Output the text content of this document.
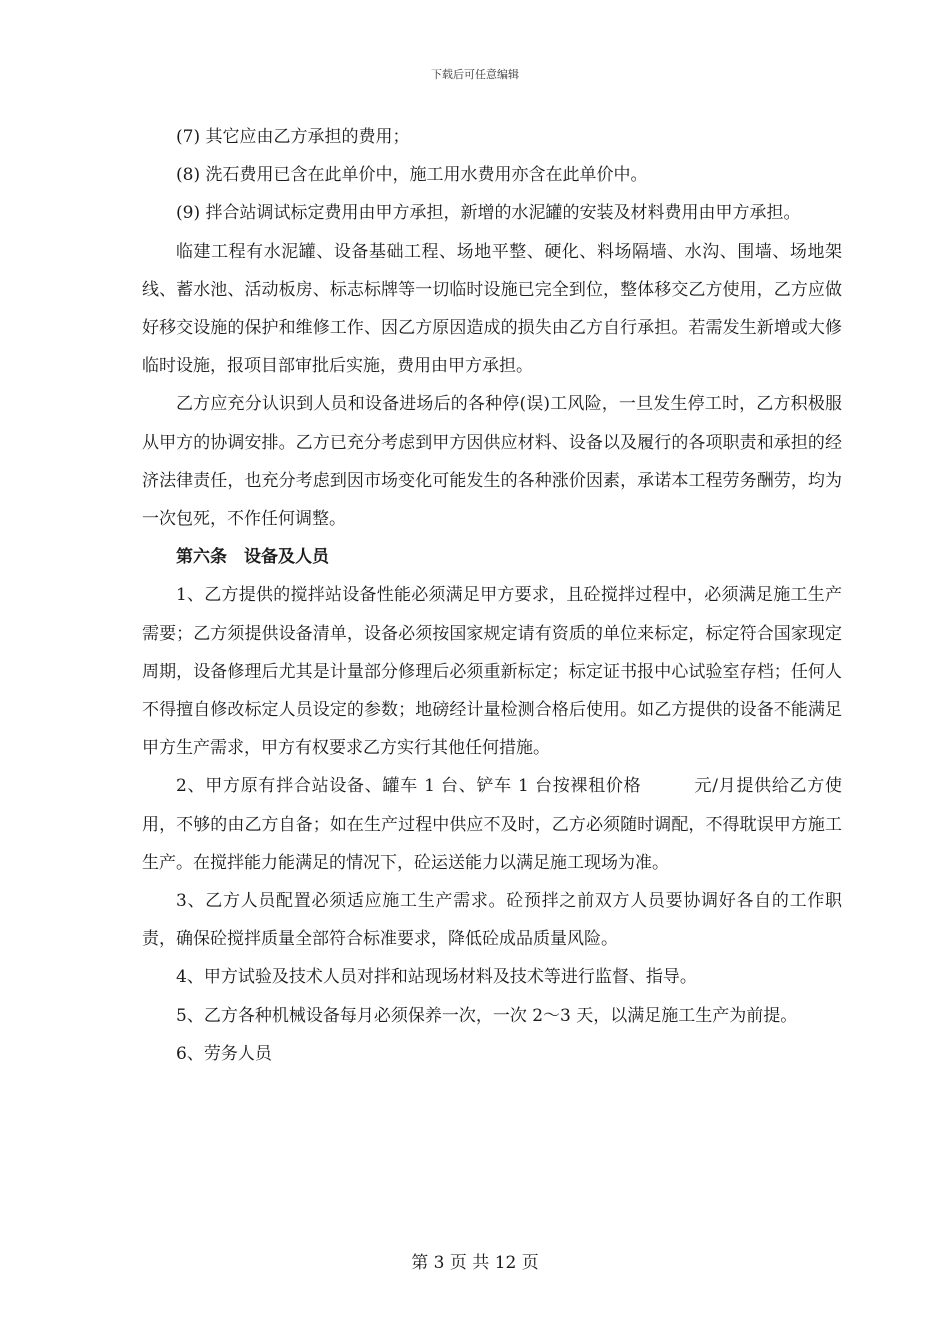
下载后可任意编辑

(7) 其它应由乙方承担的费用；

(8) 洗石费用已含在此单价中，施工用水费用亦含在此单价中。

(9) 拌合站调试标定费用由甲方承担，新增的水泥罐的安装及材料费用由甲方承担。

临建工程有水泥罐、设备基础工程、场地平整、硬化、料场隔墙、水沟、围墙、场地架线、蓄水池、活动板房、标志标牌等一切临时设施已完全到位，整体移交乙方使用，乙方应做好移交设施的保护和维修工作、因乙方原因造成的损失由乙方自行承担。若需发生新增或大修临时设施，报项目部审批后实施，费用由甲方承担。

乙方应充分认识到人员和设备进场后的各种停(误)工风险，一旦发生停工时，乙方积极服从甲方的协调安排。乙方已充分考虑到甲方因供应材料、设备以及履行的各项职责和承担的经济法律责任，也充分考虑到因市场变化可能发生的各种涨价因素，承诺本工程劳务酬劳，均为一次包死，不作任何调整。

第六条　设备及人员

1、乙方提供的搅拌站设备性能必须满足甲方要求，且砼搅拌过程中，必须满足施工生产需要；乙方须提供设备清单，设备必须按国家规定请有资质的单位来标定，标定符合国家现定周期，设备修理后尤其是计量部分修理后必须重新标定；标定证书报中心试验室存档；任何人不得擅自修改标定人员设定的参数；地磅经计量检测合格后使用。如乙方提供的设备不能满足甲方生产需求，甲方有权要求乙方实行其他任何措施。

2、甲方原有拌合站设备、罐车 1 台、铲车 1 台按裸租价格　　　元/月提供给乙方使用，不够的由乙方自备；如在生产过程中供应不及时，乙方必须随时调配，不得耽误甲方施工生产。在搅拌能力能满足的情况下，砼运送能力以满足施工现场为准。

3、乙方人员配置必须适应施工生产需求。砼预拌之前双方人员要协调好各自的工作职责，确保砼搅拌质量全部符合标准要求，降低砼成品质量风险。

4、甲方试验及技术人员对拌和站现场材料及技术等进行监督、指导。

5、乙方各种机械设备每月必须保养一次，一次 2～3 天，以满足施工生产为前提。

6、劳务人员

第 3 页 共 12 页
